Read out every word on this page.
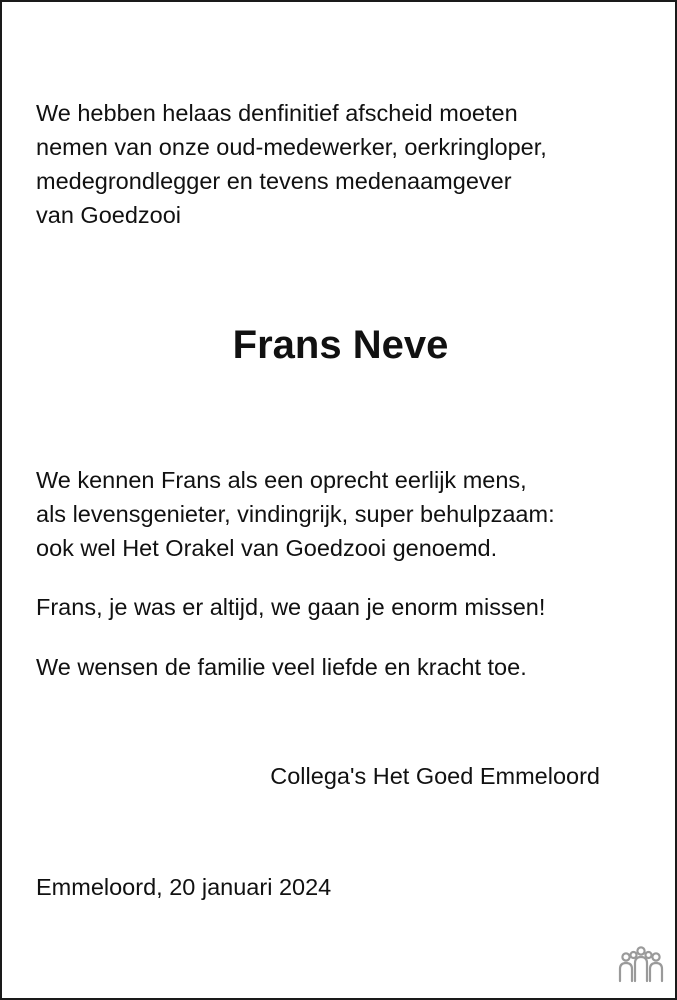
We hebben helaas denfinitief afscheid moeten
nemen van onze oud-medewerker, oerkringloper,
medegrondlegger en tevens medenaamgever
van Goedzooi

Frans Neve

We kennen Frans als een oprecht eerlijk mens,
als levensgenieter, vindingrijk, super behulpzaam:
ook wel Het Orakel van Goedzooi genoemd.

Frans, je was er altijd, we gaan je enorm missen!

We wensen de familie veel liefde en kracht toe.

Collega's Het Goed Emmeloord

Emmeloord, 20 januari 2024
